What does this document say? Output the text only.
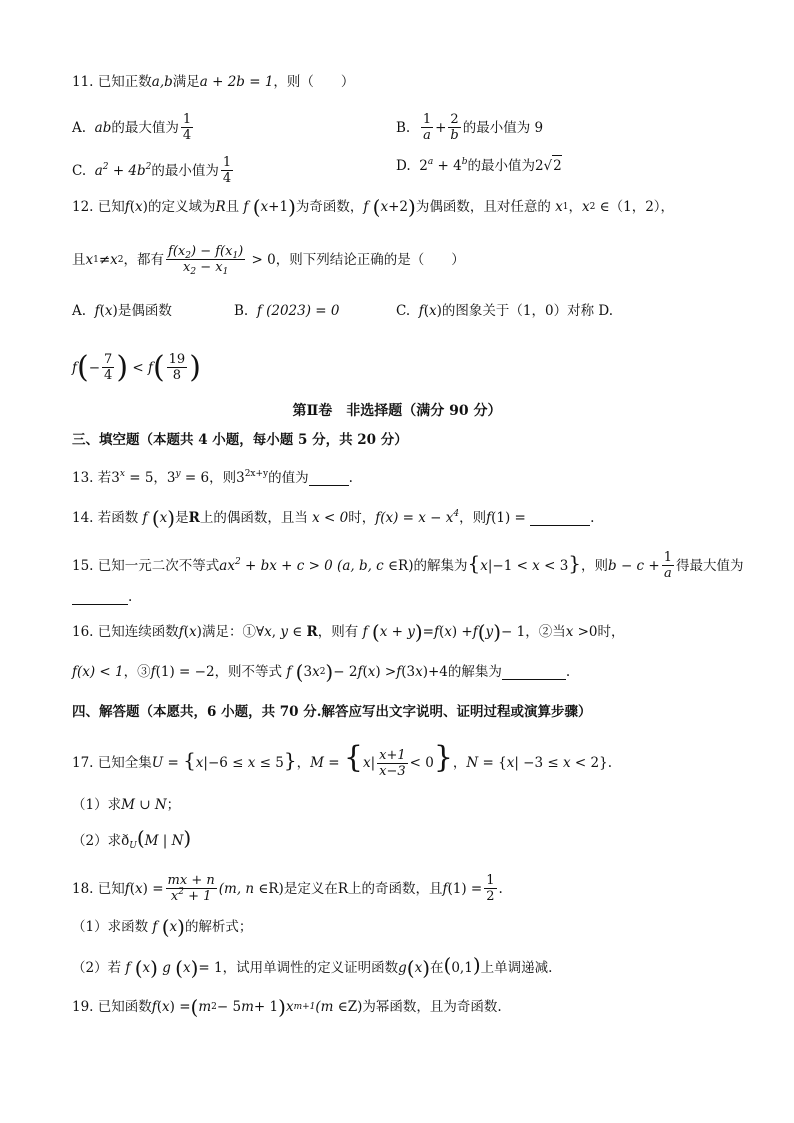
11. 已知正数 a,b 满足 a + 2b = 1 ，则（　　）
A.
ab 的最大值为 $\frac{1}{4}$	B.
$\frac{1}{a} + \frac{2}{b}$ 的最小值为
9
C.
$a^2 + 4b^2$ 的最小值为 $\frac{1}{4}$	D.
$2^a + 4^b$ 的最小值为 2 √ 2
12. 已知 f ( x ) 的定义域为 R 且 f ( x +1 ) 为奇函数， f ( x +2 ) 为偶函数，且对任意的 x 1 ， x 2 ∈ （1，2），
且 x 1 ≠ x 2 ，都有 $\frac{f(x_2) - f(x_1)}{x_2 - x_1} > 0$ ，则下列结论正确的是（　　）
A.
f ( x ) 是偶函数	B.
f (2023) = 0	C.
f ( x ) 的图象关于（1，0）对称 D.
f ( − $\frac{7}{4}$ ) < f ( $\frac{19}{8}$ )
第Ⅱ卷　非选择题（满分 90 分）
三、填空题（本题共 4 小题，每小题 5 分，共 20 分）
13. 若 $3^x = 5$ ， $3^y = 6$ ，则 $3^{2x+y}$ 的值为	.
14. 若函数 f ( x ) 是 R 上的偶函数，且当 x < 0 时， $f(x) = x - x^4$ ，则 f (1) =	.
15. 已知一元二次不等式 $ax^2$ + bx + c > 0 (a, b, c ∈ R) 的解集为 {x|−1 < x < 3} ，则 $b - c + \frac{1}{a}$ 得最大值为
.
16. 已知连续函数 f ( x ) 满足：① ∀x, y ∈ R ，则有 f ( x + y ) = f ( x ) + f ( y ) − 1 ，②当 x >0 时，
f(x) < 1 ，③ f (1) = −2 ，则不等式 f ( 3 x 2 ) − 2 f ( x ) > f (3 x )+4 的解集为	.
四、解答题（本愿共，6 小题，共 70 分.解答应写出文字说明、证明过程或演算步骤）
17. 已知全集 U = {x|−6 ≤ x ≤ 5} ， $M = \{x| \frac{x+1}{x-3} < 0\}$ ， N = {x| −3 ≤ x < 2} .
（1）求 M ∪ N ；
（2）求 $ð_U(M$ | N)
18. 已知 f ( x ) = $\frac{mx + n}{x^2 + 1} (m$, n ∈ R) 是定义在 R 上的奇函数，且 f $(1) = \frac{1}{2}$ .
（1）求函数 f ( x ) 的解析式；
（2）若 f ( x ) g ( x ) = 1 ，试用单调性的定义证明函数 g ( x ) 在 (0,1) 上单调递减.
19. 已知函数 f ( x ) = ( m 2 − 5 m + 1 ) x m+1 (m ∈ Z) 为幂函数，且为奇函数.
